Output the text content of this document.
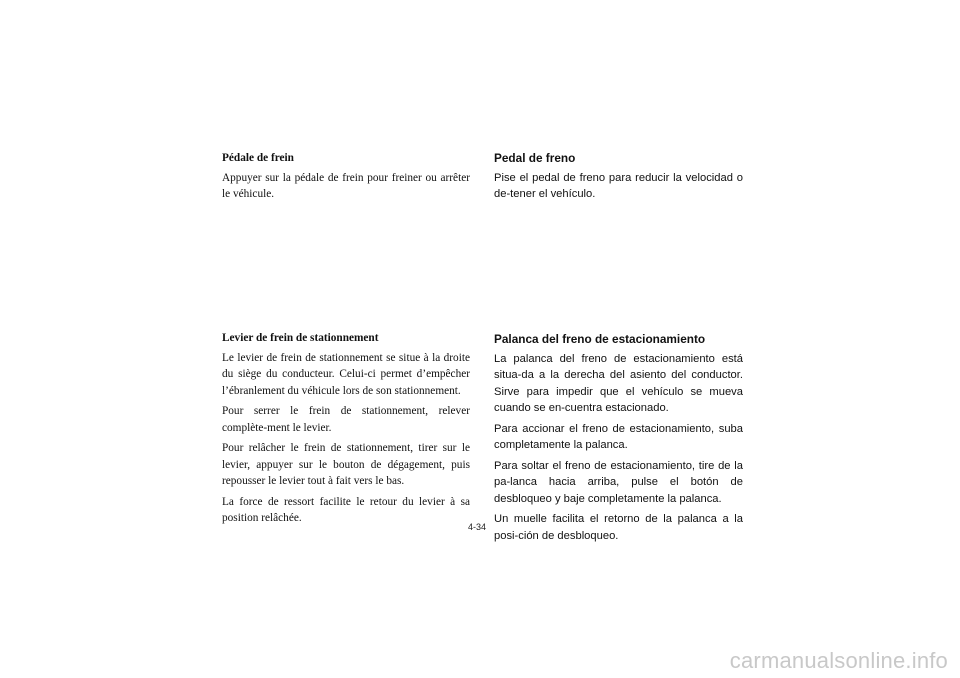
Pédale de frein

Appuyer sur la pédale de frein pour freiner ou arrêter le véhicule.

Levier de frein de stationnement

Le levier de frein de stationnement se situe à la droite du siège du conducteur. Celui-ci permet d’empêcher l’ébranlement du véhicule lors de son stationnement.

Pour serrer le frein de stationnement, relever complète-ment le levier.

Pour relâcher le frein de stationnement, tirer sur le levier, appuyer sur le bouton de dégagement, puis repousser le levier tout à fait vers le bas.

La force de ressort facilite le retour du levier à sa position relâchée.

Pedal de freno

Pise el pedal de freno para reducir la velocidad o de-tener el vehículo.

Palanca del freno de estacionamiento

La palanca del freno de estacionamiento está situa-da a la derecha del asiento del conductor. Sirve para impedir que el vehículo se mueva cuando se en-cuentra estacionado.

Para accionar el freno de estacionamiento, suba completamente la palanca.

Para soltar el freno de estacionamiento, tire de la pa-lanca hacia arriba, pulse el botón de desbloqueo y baje completamente la palanca.

Un muelle facilita el retorno de la palanca a la posi-ción de desbloqueo.

4-34
carmanualsonline.info
